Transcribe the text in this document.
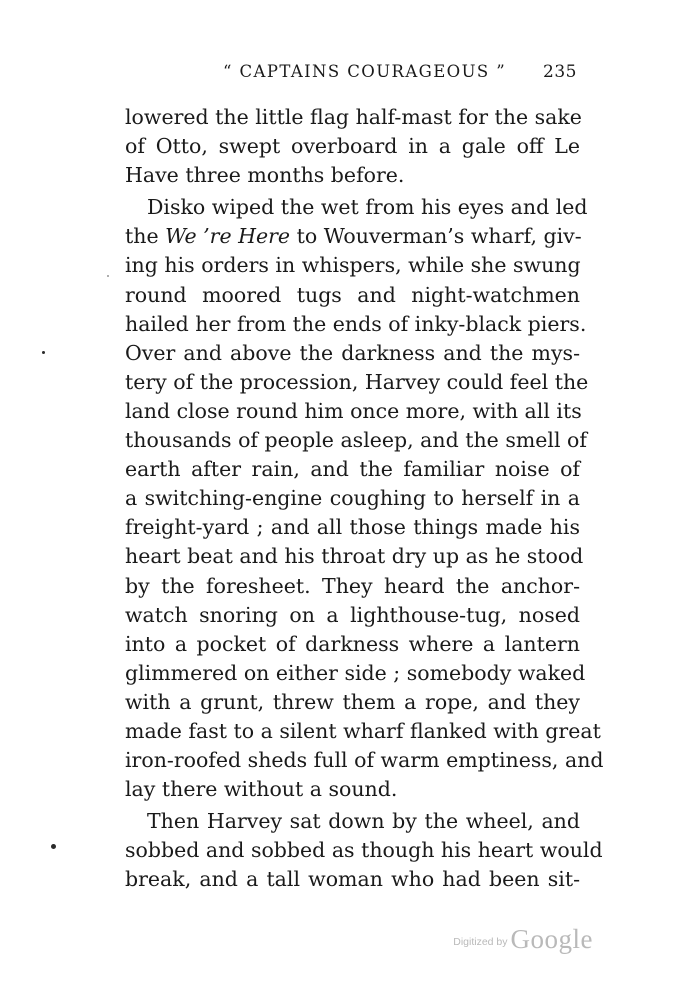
“ CAPTAINS COURAGEOUS ” 235
lowered the little flag half-mast for the sake
of Otto, swept overboard in a gale off Le
Have three months before.
Disko wiped the wet from his eyes and led
the We ’re Here to Wouverman’s wharf, giv-
ing his orders in whispers, while she swung
round moored tugs and night-watchmen
hailed her from the ends of inky-black piers.
Over and above the darkness and the mys-
tery of the procession, Harvey could feel the
land close round him once more, with all its
thousands of people asleep, and the smell of
earth after rain, and the familiar noise of
a switching-engine coughing to herself in a
freight-yard ; and all those things made his
heart beat and his throat dry up as he stood
by the foresheet. They heard the anchor-
watch snoring on a lighthouse-tug, nosed
into a pocket of darkness where a lantern
glimmered on either side ; somebody waked
with a grunt, threw them a rope, and they
made fast to a silent wharf flanked with great
iron-roofed sheds full of warm emptiness, and
lay there without a sound.
Then Harvey sat down by the wheel, and
sobbed and sobbed as though his heart would
break, and a tall woman who had been sit-
Digitized by Google
